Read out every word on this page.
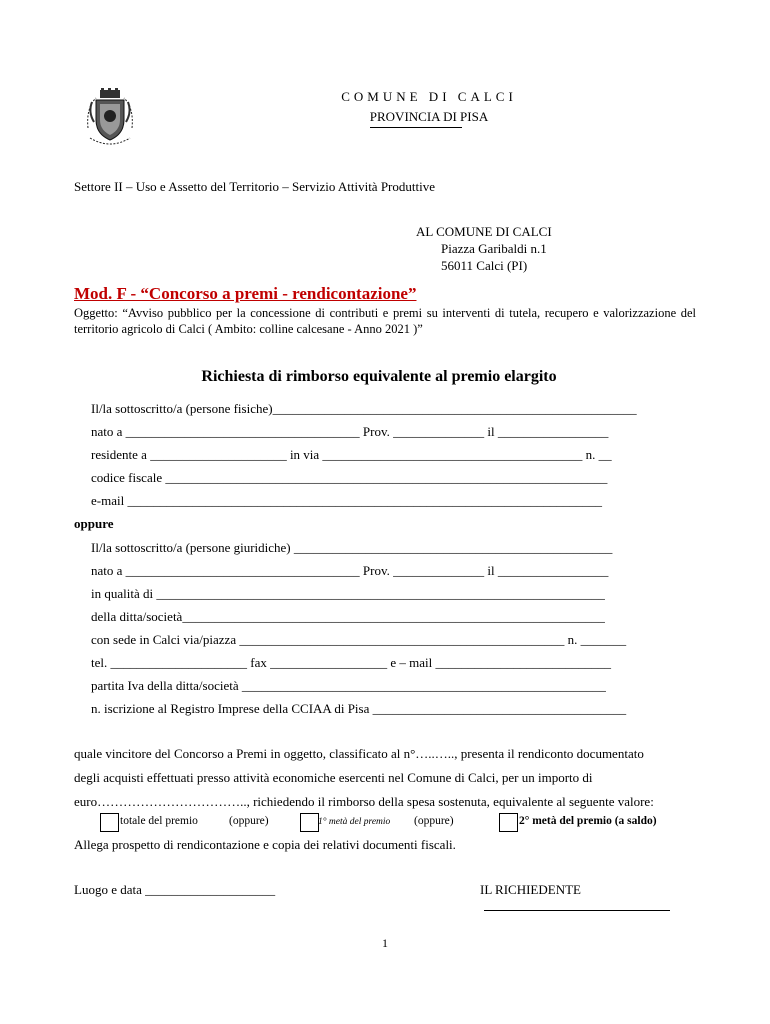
COMUNE DI CALCI
PROVINCIA DI PISA
Settore II – Uso e Assetto del Territorio – Servizio Attività Produttive
AL COMUNE DI CALCI
Piazza Garibaldi n.1
56011 Calci (PI)
Mod. F - “Concorso a premi - rendicontazione”
Oggetto: “Avviso pubblico per la concessione di contributi e premi su interventi di tutela, recupero e valorizzazione del territorio agricolo di Calci ( Ambito: colline calcesane - Anno 2021 )”
Richiesta di rimborso equivalente al premio elargito
Il/la sottoscritto/a (persone fisiche)________________________________________________________
nato a ____________________________________ Prov. ______________ il _________________
residente a _____________________ in via ________________________________________ n. __
codice fiscale ____________________________________________________________________
e-mail _________________________________________________________________________
oppure
Il/la sottoscritto/a (persone giuridiche) _________________________________________________
nato a ____________________________________ Prov. ______________ il _________________
in qualità di _____________________________________________________________________
della ditta/società_________________________________________________________________
con sede in Calci via/piazza __________________________________________________ n. _______
tel. _____________________ fax __________________ e – mail ___________________________
partita Iva della ditta/società ________________________________________________________
n. iscrizione al Registro Imprese della CCIAA di Pisa _______________________________________
quale vincitore del Concorso a Premi in oggetto, classificato al n°…..….., presenta il rendiconto documentato
degli acquisti effettuati presso attività economiche esercenti nel Comune di Calci, per un importo di
euro…………………………….., richiedendo il rimborso della spesa sostenuta, equivalente al seguente valore:
totale del premio	(oppure)	1° metà del premio (oppure)	2° metà del premio (a saldo)
Allega prospetto di rendicontazione e copia dei relativi documenti fiscali.
Luogo e data ____________________	IL RICHIEDENTE
1
